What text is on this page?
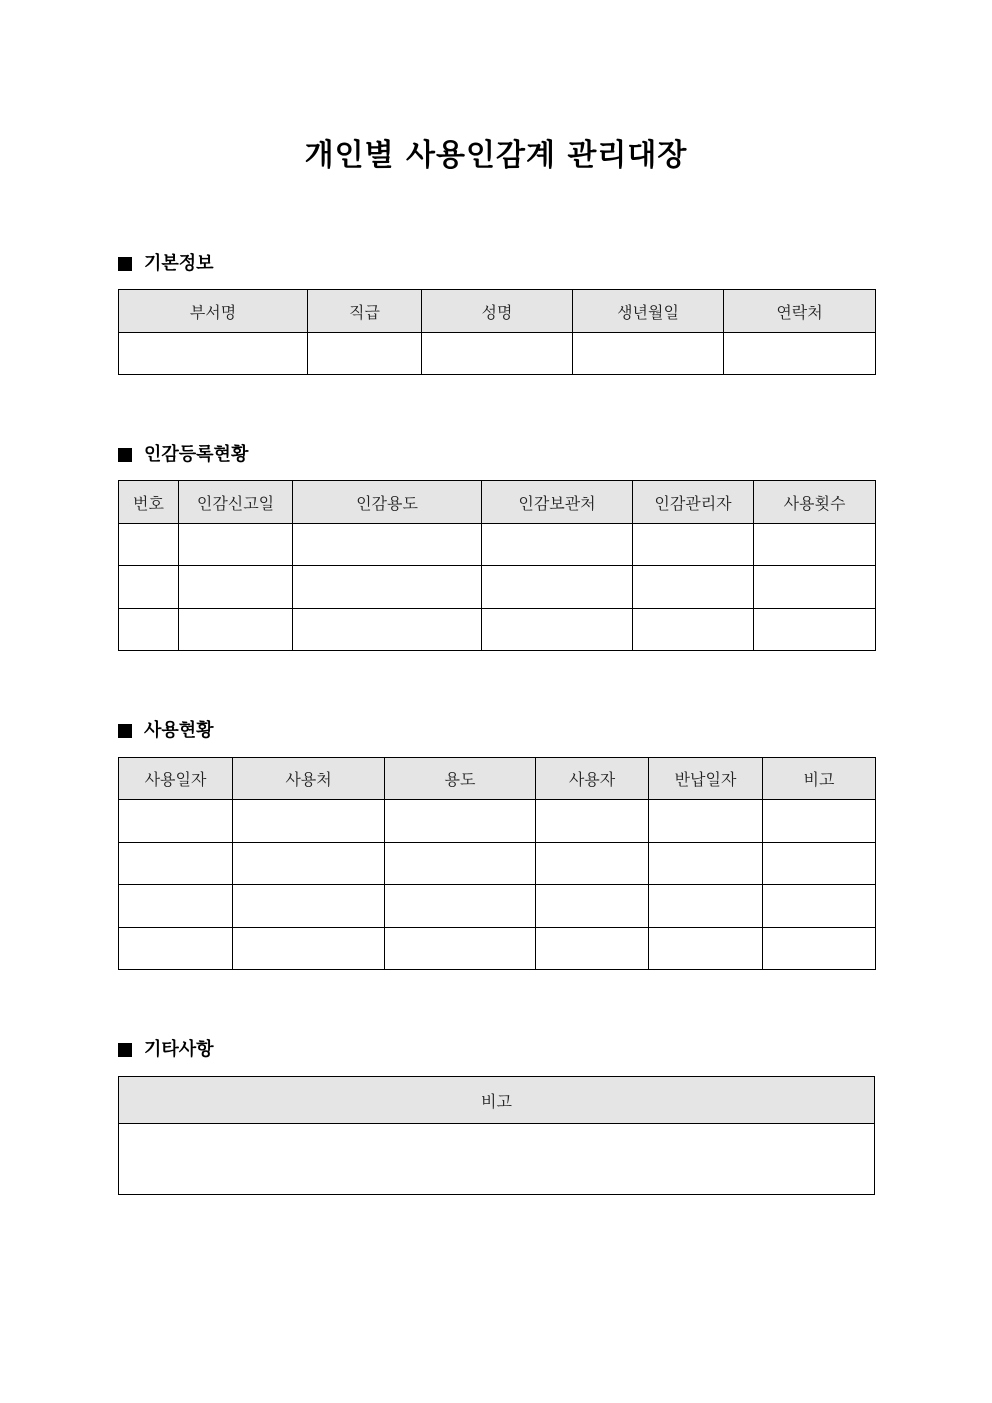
개인별 사용인감계 관리대장
기본정보
부서명	직급	성명	생년월일	연락처

인감등록현황
번호	인감신고일	인감용도	인감보관처	인감관리자	사용횟수

사용현황
사용일자	사용처	용도	사용자	반납일자	비고

기타사항
비고
